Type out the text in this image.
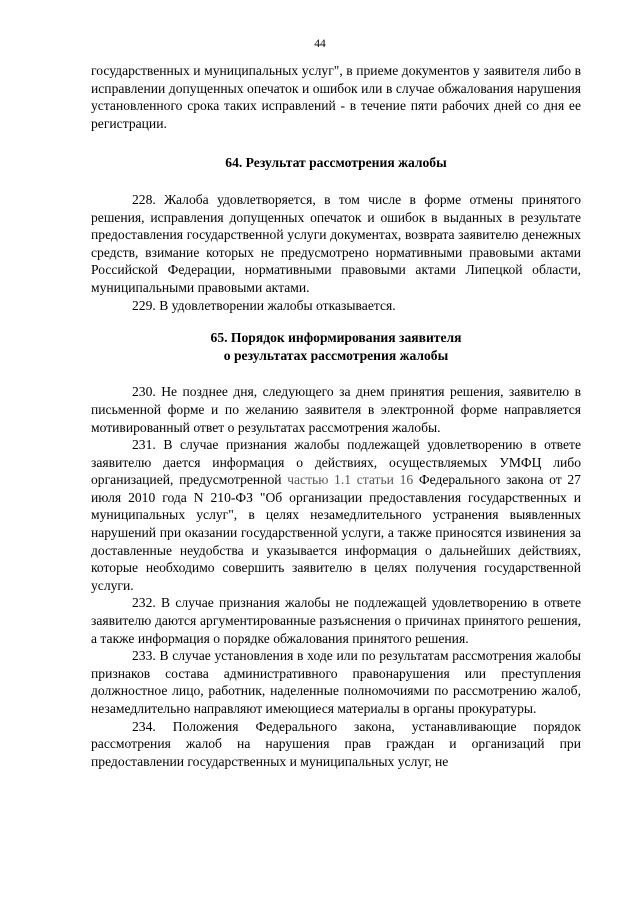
44

государственных и муниципальных услуг", в приеме документов у заявителя либо в исправлении допущенных опечаток и ошибок или в случае обжалования нарушения установленного срока таких исправлений - в течение пяти рабочих дней со дня ее регистрации.

64. Результат рассмотрения жалобы

228. Жалоба удовлетворяется, в том числе в форме отмены принятого решения, исправления допущенных опечаток и ошибок в выданных в результате предоставления государственной услуги документах, возврата заявителю денежных средств, взимание которых не предусмотрено нормативными правовыми актами Российской Федерации, нормативными правовыми актами Липецкой области, муниципальными правовыми актами.

229. В удовлетворении жалобы отказывается.

65. Порядок информирования заявителя
о результатах рассмотрения жалобы

230. Не позднее дня, следующего за днем принятия решения, заявителю в письменной форме и по желанию заявителя в электронной форме направляется мотивированный ответ о результатах рассмотрения жалобы.

231. В случае признания жалобы подлежащей удовлетворению в ответе заявителю дается информация о действиях, осуществляемых УМФЦ либо организацией, предусмотренной частью 1.1 статьи 16 Федерального закона от 27 июля 2010 года N 210-ФЗ "Об организации предоставления государственных и муниципальных услуг", в целях незамедлительного устранения выявленных нарушений при оказании государственной услуги, а также приносятся извинения за доставленные неудобства и указывается информация о дальнейших действиях, которые необходимо совершить заявителю в целях получения государственной услуги.

232. В случае признания жалобы не подлежащей удовлетворению в ответе заявителю даются аргументированные разъяснения о причинах принятого решения, а также информация о порядке обжалования принятого решения.

233. В случае установления в ходе или по результатам рассмотрения жалобы признаков состава административного правонарушения или преступления должностное лицо, работник, наделенные полномочиями по рассмотрению жалоб, незамедлительно направляют имеющиеся материалы в органы прокуратуры.

234. Положения Федерального закона, устанавливающие порядок рассмотрения жалоб на нарушения прав граждан и организаций при предоставлении государственных и муниципальных услуг, не
